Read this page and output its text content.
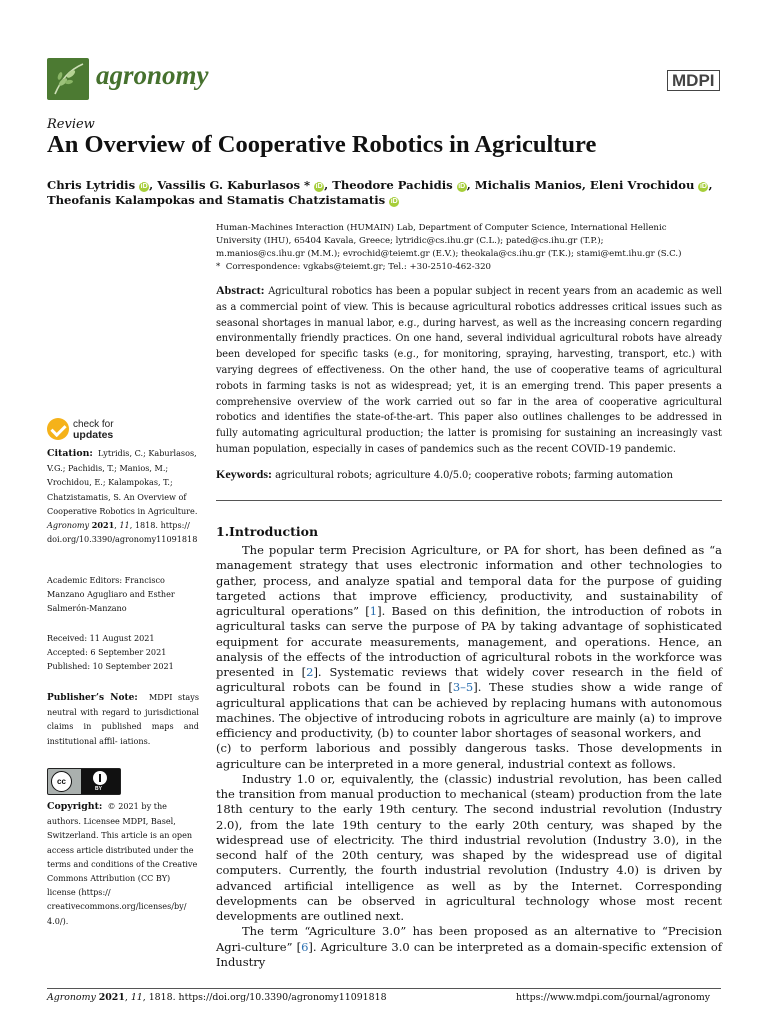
agronomy	MDPI
Review
An Overview of Cooperative Robotics in Agriculture
Chris Lytridis iD , Vassilis G. Kaburlasos * iD , Theodore Pachidis iD , Michalis Manios, Eleni Vrochidou iD , Theofanis Kalampokas and Stamatis Chatzistamatis iD
Human-Machines Interaction (HUMAIN) Lab, Department of Computer Science, International Hellenic
University (IHU), 65404 Kavala, Greece; lytridic@cs.ihu.gr (C.L.); pated@cs.ihu.gr (T.P.);
m.manios@cs.ihu.gr (M.M.); evrochid@teiemt.gr (E.V.); theokala@cs.ihu.gr (T.K.); stami@emt.ihu.gr (S.C.)
* Correspondence: vgkabs@teiemt.gr; Tel.: +30-2510-462-320
Abstract: Agricultural robotics has been a popular subject in recent years from an academic as well as a commercial point of view. This is because agricultural robotics addresses critical issues such as seasonal shortages in manual labor, e.g., during harvest, as well as the increasing concern regarding environmentally friendly practices. On one hand, several individual agricultural robots have already been developed for specific tasks (e.g., for monitoring, spraying, harvesting, transport, etc.) with varying degrees of effectiveness. On the other hand, the use of cooperative teams of agricultural robots in farming tasks is not as widespread; yet, it is an emerging trend. This paper presents a comprehensive overview of the work carried out so far in the area of cooperative agricultural robotics and identifies the state-of-the-art. This paper also outlines challenges to be addressed in fully automating agricultural production; the latter is promising for sustaining an increasingly vast human population, especially in cases of pandemics such as the recent COVID-19 pandemic.
Keywords: agricultural robots; agriculture 4.0/5.0; cooperative robots; farming automation
1.Introduction

The popular term Precision Agriculture, or PA for short, has been defined as “a management strategy that uses electronic information and other technologies to gather, process, and analyze spatial and temporal data for the purpose of guiding targeted actions that improve efficiency, productivity, and sustainability of agricultural operations” [1]. Based on this definition, the introduction of robots in agricultural tasks can serve the purpose of PA by taking advantage of sophisticated equipment for accurate measurements, management, and operations. Hence, an analysis of the effects of the introduction of agricultural robots in the workforce was presented in [2]. Systematic reviews that widely cover research in the field of agricultural robots can be found in [3–5]. These studies show a wide range of agricultural applications that can be achieved by replacing humans with autonomous machines. The objective of introducing robots in agriculture are mainly (a) to improve efficiency and productivity, (b) to counter labor shortages of seasonal workers, and

(c) to perform laborious and possibly dangerous tasks. Those developments in agriculture can be interpreted in a more general, industrial context as follows.

Industry 1.0 or, equivalently, the (classic) industrial revolution, has been called the transition from manual production to mechanical (steam) production from the late 18th century to the early 19th century. The second industrial revolution (Industry 2.0), from the late 19th century to the early 20th century, was shaped by the widespread use of electricity. The third industrial revolution (Industry 3.0), in the second half of the 20th century, was shaped by the widespread use of digital computers. Currently, the fourth industrial revolution (Industry 4.0) is driven by advanced artificial intelligence as well as by the Internet. Corresponding developments can be observed in agricultural technology whose most recent developments are outlined next.

The term “Agriculture 3.0” has been proposed as an alternative to “Precision Agri-culture” [6]. Agriculture 3.0 can be interpreted as a domain-specific extension of Industry

check for
updates

Citation: Lytridis, C.; Kaburlasos, V.G.; Pachidis, T.; Manios, M.; Vrochidou, E.; Kalampokas, T.; Chatzistamatis, S. An Overview of Cooperative Robotics in Agriculture. Agronomy 2021, 11, 1818. https:// doi.org/10.3390/agronomy11091818

Academic Editors: Francisco Manzano Agugliaro and Esther Salmerón-Manzano

Received: 11 August 2021

Accepted: 6 September 2021

Published: 10 September 2021

Publisher’s Note: MDPI stays neutral with regard to jurisdictional claims in published maps and institutional affil- iations.

cc
BY

Copyright: © 2021 by the authors. Licensee MDPI, Basel, Switzerland. This article is an open access article distributed under the terms and conditions of the Creative Commons Attribution (CC BY) license (https:// creativecommons.org/licenses/by/ 4.0/).

Agronomy 2021, 11, 1818. https://doi.org/10.3390/agronomy11091818	https://www.mdpi.com/journal/agronomy
